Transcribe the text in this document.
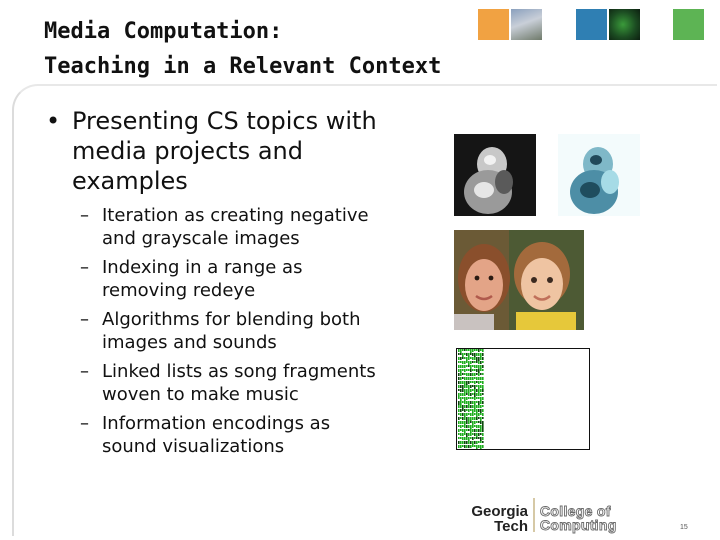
Media Computation:
Teaching in a Relevant Context
• Presenting CS topics with
media projects and
examples
– Iteration as creating negative
and grayscale images
– Indexing in a range as
removing redeye
– Algorithms for blending both
images and sounds
– Linked lists as song fragments
woven to make music
– Information encodings as
sound visualizations
Georgia
Tech
College of
Computing	15
